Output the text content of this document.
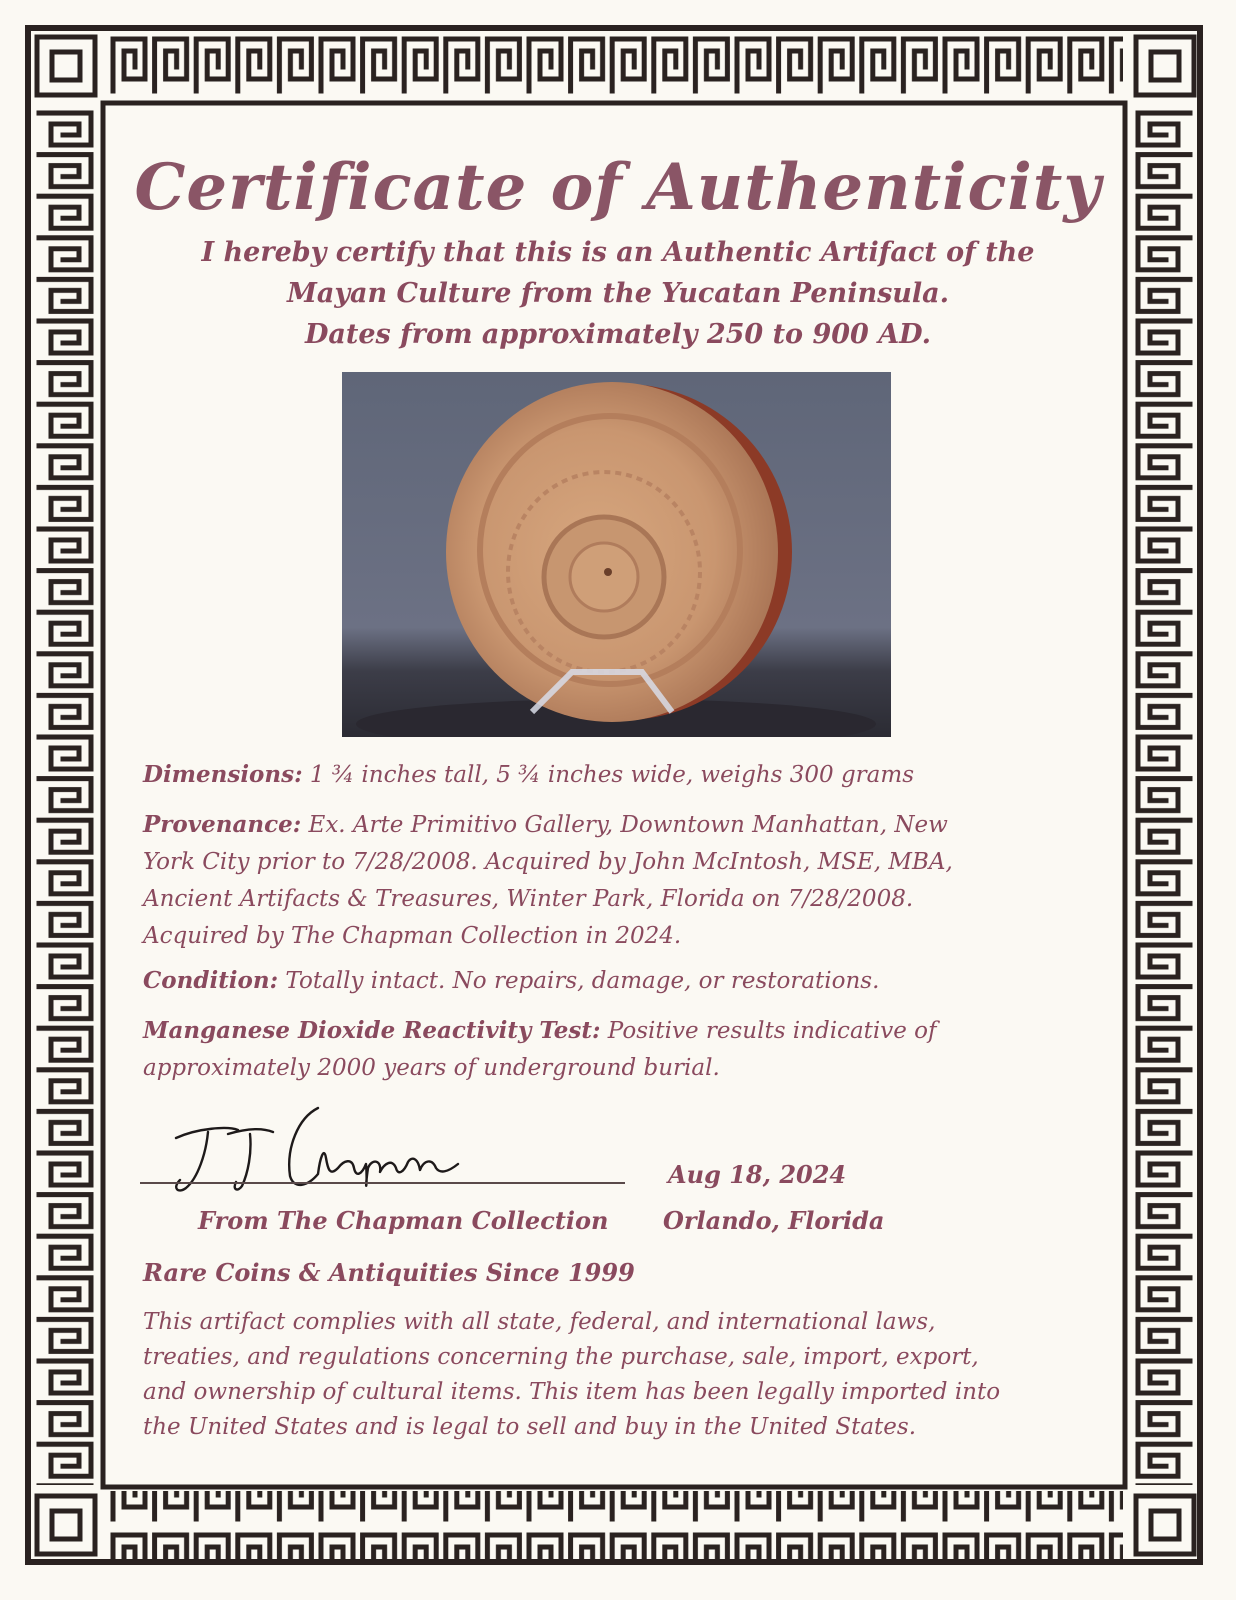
Certificate of Authenticity
I hereby certify that this is an Authentic Artifact of the
Mayan Culture from the Yucatan Peninsula.
Dates from approximately 250 to 900 AD.
Dimensions: 1 ¾ inches tall, 5 ¾ inches wide, weighs 300 grams
Provenance: Ex. Arte Primitivo Gallery, Downtown Manhattan, New
York City prior to 7/28/2008. Acquired by John McIntosh, MSE, MBA,
Ancient Artifacts & Treasures, Winter Park, Florida on 7/28/2008.
Acquired by The Chapman Collection in 2024.
Condition: Totally intact. No repairs, damage, or restorations.
Manganese Dioxide Reactivity Test: Positive results indicative of
approximately 2000 years of underground burial.
Aug 18, 2024
From The Chapman Collection Orlando, Florida
Rare Coins & Antiquities Since 1999
This artifact complies with all state, federal, and international laws,
treaties, and regulations concerning the purchase, sale, import, export,
and ownership of cultural items. This item has been legally imported into
the United States and is legal to sell and buy in the United States.
